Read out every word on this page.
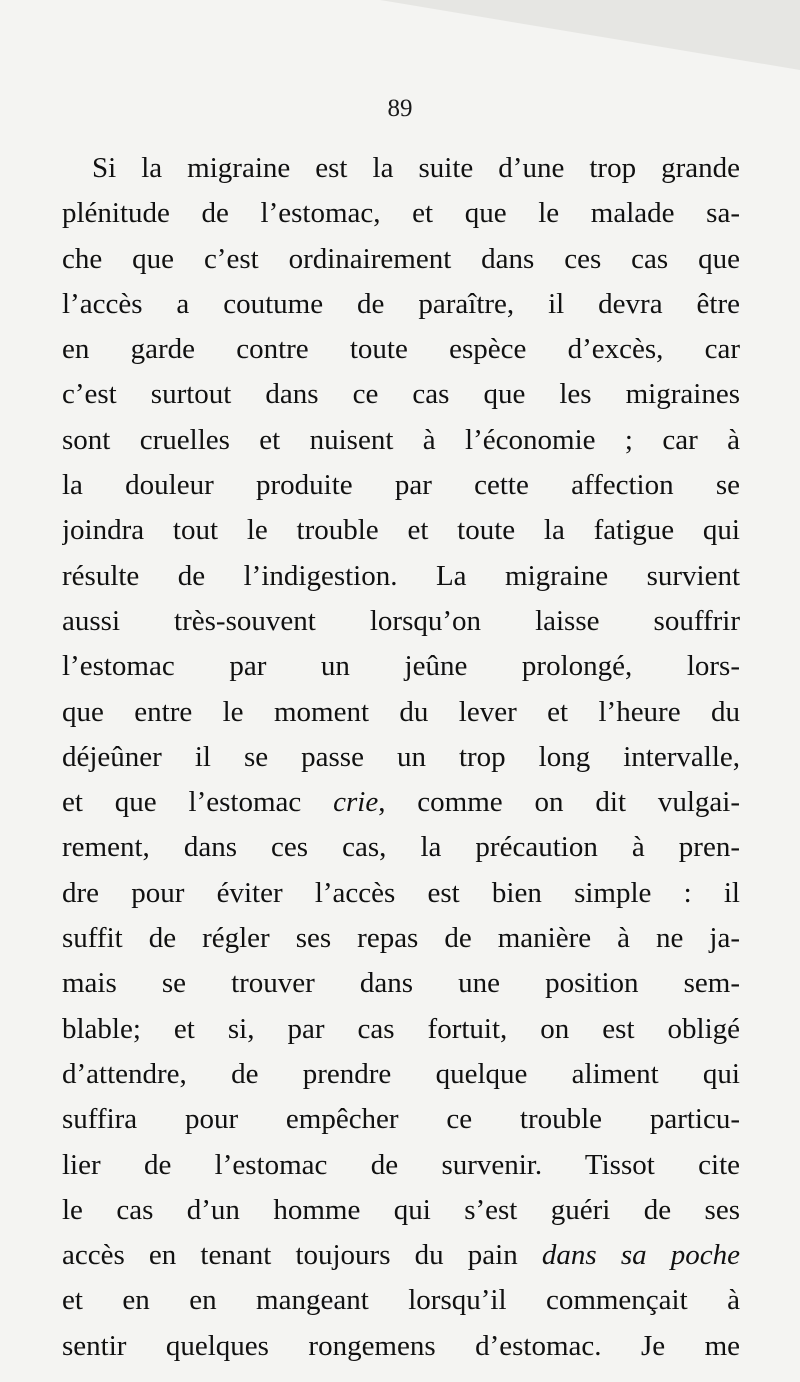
89
Si la migraine est la suite d’une trop grande
plénitude de l’estomac, et que le malade sa-
che que c’est ordinairement dans ces cas que
l’accès a coutume de paraître, il devra être
en garde contre toute espèce d’excès, car
c’est surtout dans ce cas que les migraines
sont cruelles et nuisent à l’économie ; car à
la douleur produite par cette affection se
joindra tout le trouble et toute la fatigue qui
résulte de l’indigestion. La migraine survient
aussi très-souvent lorsqu’on laisse souffrir
l’estomac par un jeûne prolongé, lors-
que entre le moment du lever et l’heure du
déjeûner il se passe un trop long intervalle,
et que l’estomac crie, comme on dit vulgai-
rement, dans ces cas, la précaution à pren-
dre pour éviter l’accès est bien simple : il
suffit de régler ses repas de manière à ne ja-
mais se trouver dans une position sem-
blable; et si, par cas fortuit, on est obligé
d’attendre, de prendre quelque aliment qui
suffira pour empêcher ce trouble particu-
lier de l’estomac de survenir. Tissot cite
le cas d’un homme qui s’est guéri de ses
accès en tenant toujours du pain dans sa poche
et en en mangeant lorsqu’il commençait à
sentir quelques rongemens d’estomac. Je me
